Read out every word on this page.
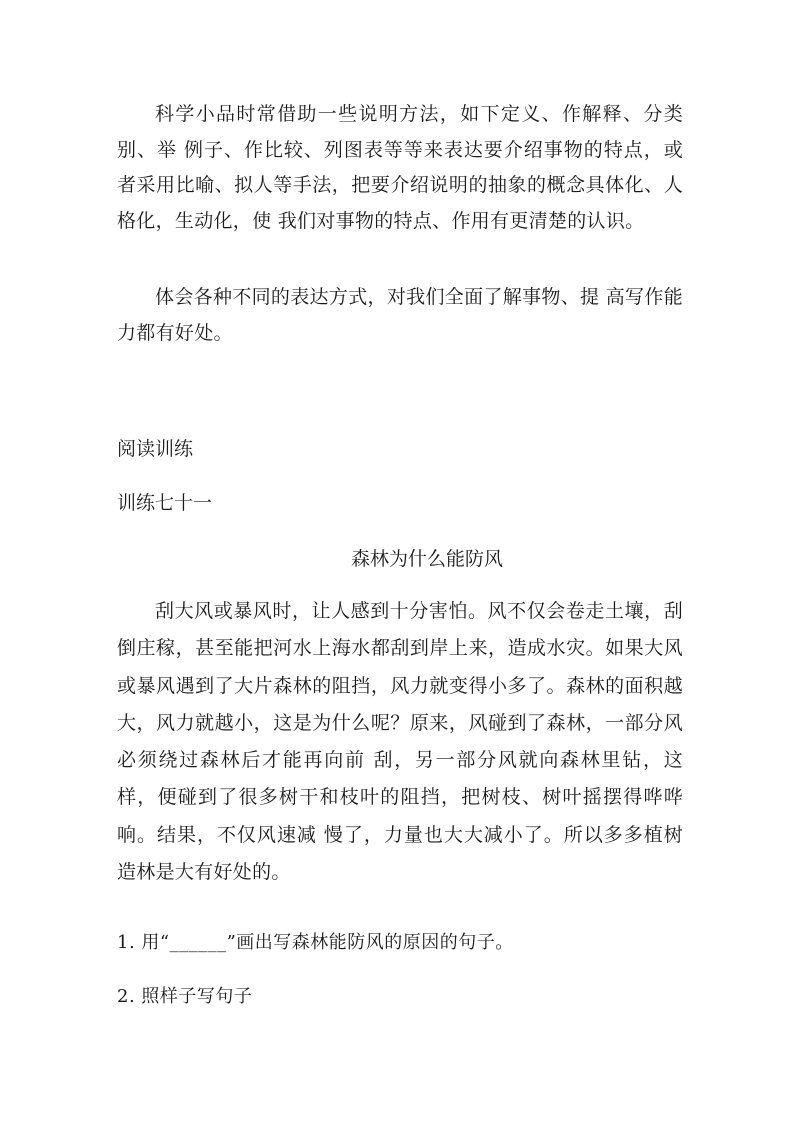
科学小品时常借助一些说明方法，如下定义、作解释、分类别、举 例子、作比较、列图表等等来表达要介绍事物的特点，或者采用比喻、拟人等手法，把要介绍说明的抽象的概念具体化、人格化，生动化，使 我们对事物的特点、作用有更清楚的认识。

体会各种不同的表达方式，对我们全面了解事物、提 高写作能力都有好处。

阅读训练

训练七十一

森林为什么能防风

刮大风或暴风时，让人感到十分害怕。风不仅会卷走土壤，刮倒庄稼，甚至能把河水上海水都刮到岸上来，造成水灾。如果大风或暴风遇到了大片森林的阻挡，风力就变得小多了。森林的面积越大，风力就越小，这是为什么呢？原来，风碰到了森林，一部分风必须绕过森林后才能再向前 刮，另一部分风就向森林里钻，这样，便碰到了很多树干和枝叶的阻挡，把树枝、树叶摇摆得哗哗响。结果，不仅风速减 慢了，力量也大大减小了。所以多多植树造林是大有好处的。

1. 用“______”画出写森林能防风的原因的句子。

2. 照样子写句子
